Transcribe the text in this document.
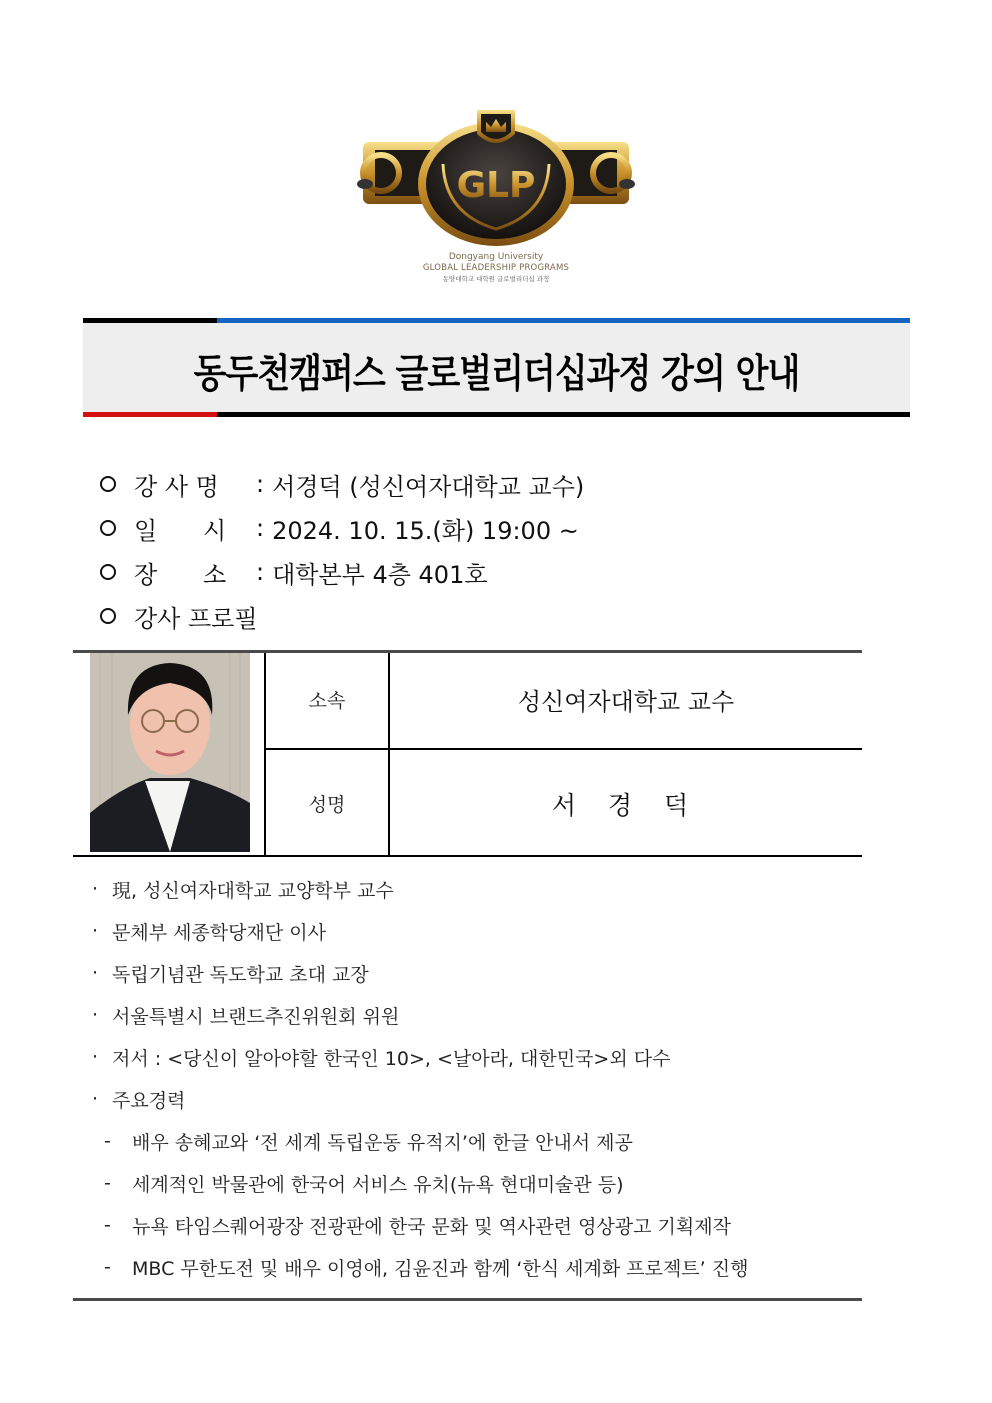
GLP
Dongyang University
GLOBAL LEADERSHIP PROGRAMS
동양대학교 대학원 글로벌리더십 과정
동두천캠퍼스 글로벌리더십과정 강의 안내
강 사 명	: 서경덕 (성신여자대학교 교수)
일      시	: 2024. 10. 15.(화) 19:00 ~
장      소	: 대학본부 4층 401호
강사 프로필
소속	성신여자대학교 교수
성명	서 경 덕
· 現, 성신여자대학교 교양학부 교수
· 문체부 세종학당재단 이사
· 독립기념관 독도학교 초대 교장
· 서울특별시 브랜드추진위원회 위원
· 저서 : <당신이 알아야할 한국인 10>, <날아라, 대한민국>외 다수
· 주요경력
-	배우 송혜교와 ‘전 세계 독립운동 유적지’에 한글 안내서 제공
-	세계적인 박물관에 한국어 서비스 유치(뉴욕 현대미술관 등)
-	뉴욕 타임스퀘어광장 전광판에 한국 문화 및 역사관련 영상광고 기획제작
-	MBC 무한도전 및 배우 이영애, 김윤진과 함께 ‘한식 세계화 프로젝트’ 진행
